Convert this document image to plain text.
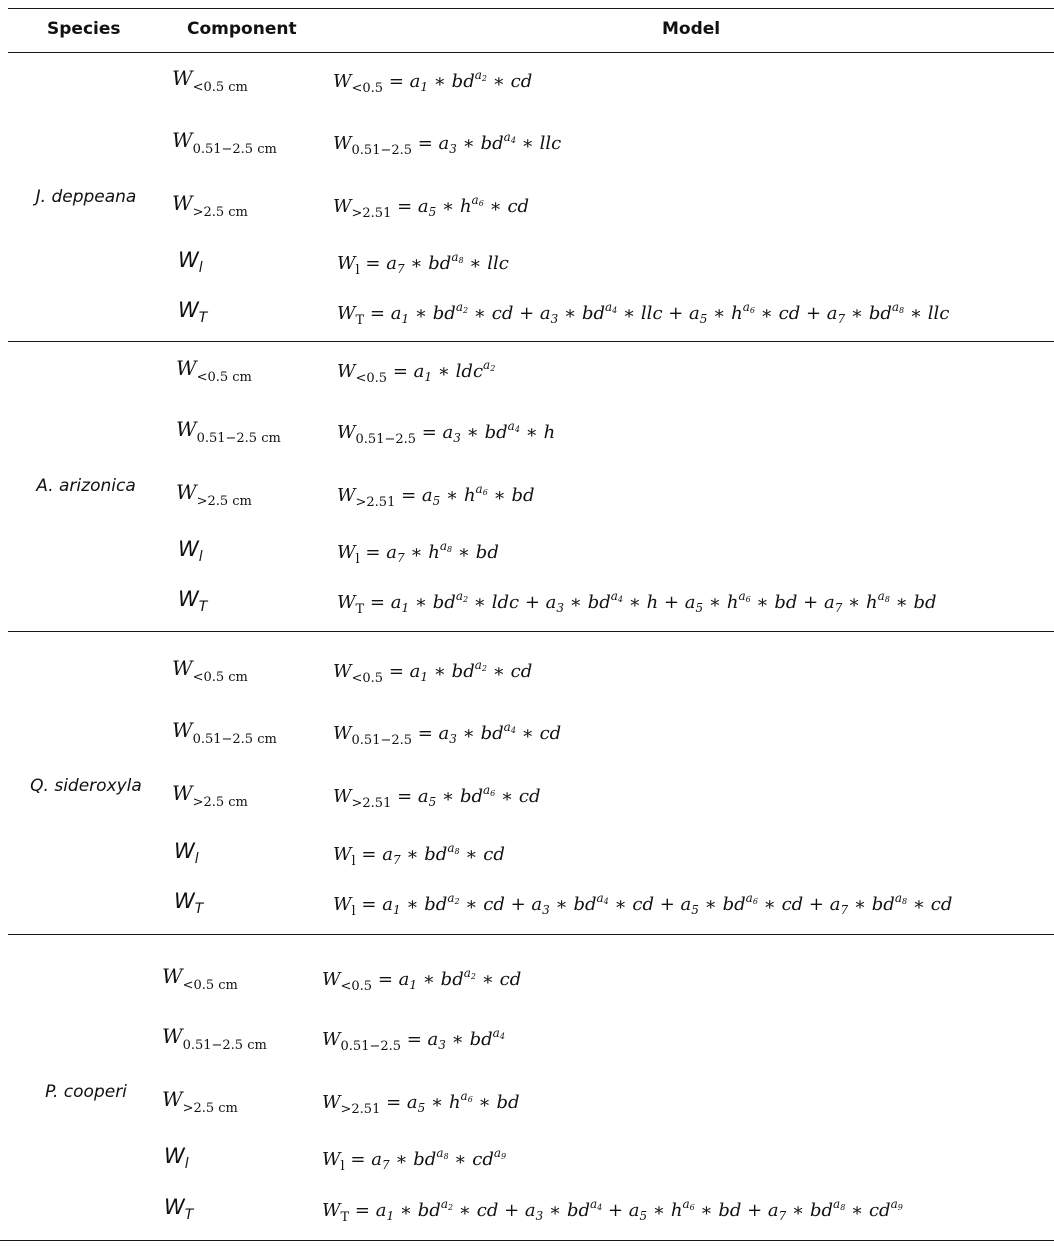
Species	Component	Model
J. deppeana
$W_{<0.5 cm}$	$W_{<0.5} = a_1$ ∗ $bd^{a_2}$ ∗ cd
$W_{0.51-2.5 cm}$	$W_{0.51-2.5} = a_3$ ∗ $bd^{a_4}$ ∗ llc
$W_{>2.5 cm}$	$W_{>2.51} = a_5$ ∗ $h^{a_6}$ ∗ cd
$W_l$	$W_l = a_7$ ∗ $bd^{a_8}$ ∗ llc
$W_T$	$W_T = a_1$ ∗ $bd^{a_2}$ ∗ cd + $a_3$ ∗ $bd^{a_4}$ ∗ llc + $a_5$ ∗ $h^{a_6}$ ∗ cd + $a_7$ ∗ $bd^{a_8}$ ∗ llc
A. arizonica
$W_{<0.5 cm}$	$W_{<0.5} = a_1$ ∗ ldc$^{a_2}$
$W_{0.51-2.5 cm}$	$W_{0.51-2.5} = a_3$ ∗ $bd^{a_4}$ ∗ h
$W_{>2.5 cm}$	$W_{>2.51} = a_5$ ∗ $h^{a_6}$ ∗ bd
$W_l$	$W_l = a_7$ ∗ $h^{a_8}$ ∗ bd
$W_T$	$W_T = a_1$ ∗ $bd^{a_2}$ ∗ ldc + $a_3$ ∗ $bd^{a_4}$ ∗ $h + a_5$ ∗ $h^{a_6}$ ∗ bd + $a_7$ ∗ $h^{a_8}$ ∗ bd
Q. sideroxyla
$W_{<0.5 cm}$	$W_{<0.5} = a_1$ ∗ $bd^{a_2}$ ∗ cd
$W_{0.51-2.5 cm}$	$W_{0.51-2.5} = a_3$ ∗ $bd^{a_4}$ ∗ cd
$W_{>2.5 cm}$	$W_{>2.51} = a_5$ ∗ $bd^{a_6}$ ∗ cd
$W_l$	$W_l = a_7$ ∗ $bd^{a_8}$ ∗ cd
$W_T$	$W_l = a_1$ ∗ $bd^{a_2}$ ∗ cd + $a_3$ ∗ $bd^{a_4}$ ∗ cd + $a_5$ ∗ $bd^{a_6}$ ∗ cd + $a_7$ ∗ $bd^{a_8}$ ∗ cd
P. cooperi
$W_{<0.5 cm}$	$W_{<0.5} = a_1$ ∗ $bd^{a_2}$ ∗ cd
$W_{0.51-2.5 cm}$	$W_{0.51-2.5} = a_3$ ∗ $bd^{a_4}$
$W_{>2.5 cm}$	$W_{>2.51} = a_5$ ∗ $h^{a_6}$ ∗ bd
$W_l$	$W_l = a_7$ ∗ $bd^{a_8}$ ∗ $cd^{a_9}$
$W_T$	$W_T = a_1$ ∗ $bd^{a_2}$ ∗ cd + $a_3$ ∗ $bd^{a_4} + a_5$ ∗ $h^{a_6}$ ∗ bd + $a_7$ ∗ $bd^{a_8}$ ∗ $cd^{a_9}$
